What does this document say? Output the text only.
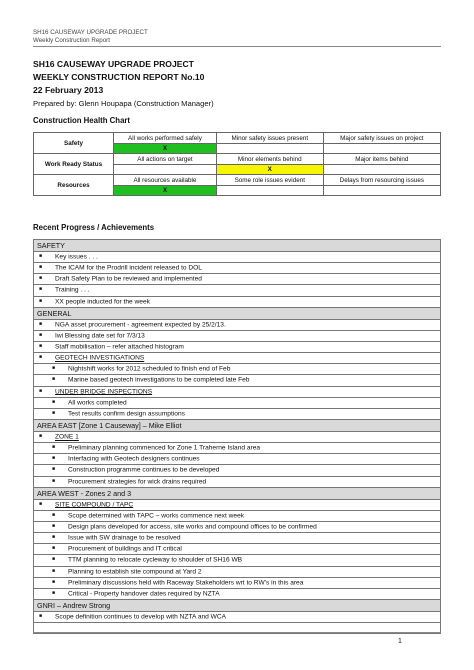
SH16 CAUSEWAY UPGRADE PROJECT
Weekly Construction Report
SH16 CAUSEWAY UPGRADE PROJECT
WEEKLY CONSTRUCTION REPORT No.10
22 February 2013
Prepared by: Glenn Houpapa (Construction Manager)
Construction Health Chart
Safety	All works performed safely	Minor safety issues present	Major safety issues on project
	X		
Work Ready Status	All actions on target	Minor elements behind	Major items behind
		X	
Resources	All resources available	Some role issues evident	Delays from resourcing issues
	X		
Recent Progress / Achievements
SAFETY
■ Key issues . . .
■ The ICAM for the Prodrill incident released to DOL
■ Draft Safety Plan to be reviewed and implemented
■ Training . . .
■ XX people inducted for the week
GENERAL
■ NGA asset procurement - agreement expected by 25/2/13.
■ Iwi Blessing date set for 7/3/13
■ Staff mobilisation – refer attached histogram
■ GEOTECH INVESTIGATIONS
■ Nightshift works for 2012 scheduled to finish end of Feb
■ Marine based geotech investigations to be completed late Feb
■ UNDER BRIDGE INSPECTIONS
■ All works completed
■ Test results confirm design assumptions
AREA EAST [Zone 1 Causeway] – Mike Elliot
■ ZONE 1
■ Preliminary planning commenced for Zone 1 Traherne Island area
■ Interfacing with Geotech designers continues
■ Construction programme continues to be developed
■ Procurement strategies for wick drains required
AREA WEST - Zones 2 and 3
■ SITE COMPOUND / TAPC
■ Scope determined with TAPC – works commence next week
■ Design plans developed for access, site works and compound offices to be confirmed
■ Issue with SW drainage to be resolved
■ Procurement of buildings and IT critical
■ TTM planning to relocate cycleway to shoulder of SH16 WB
■ Planning to establish site compound at Yard 2
■ Preliminary discussions held with Raceway Stakeholders wrt to RW’s in this area
■ Critical - Property handover dates required by NZTA
GNRI – Andrew Strong
■ Scope definition continues to develop with NZTA and WCA

1
